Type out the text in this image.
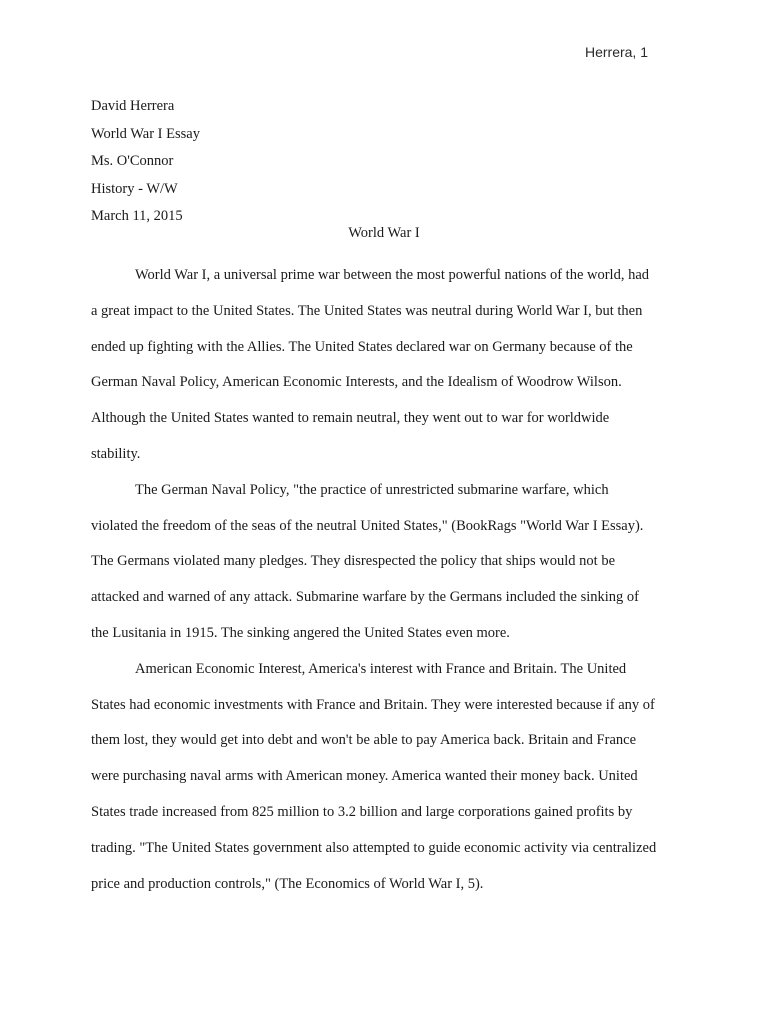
Herrera, 1
David Herrera
World War I Essay
Ms. O'Connor
History - W/W
March 11, 2015
World War I

World War I, a universal prime war between the most powerful nations of the world, had
a great impact to the United States. The United States was neutral during World War I, but then
ended up fighting with the Allies. The United States declared war on Germany because of the
German Naval Policy, American Economic Interests, and the Idealism of Woodrow Wilson.
Although the United States wanted to remain neutral, they went out to war for worldwide
stability.

The German Naval Policy, "the practice of unrestricted submarine warfare, which
violated the freedom of the seas of the neutral United States," (BookRags "World War I Essay).
The Germans violated many pledges. They disrespected the policy that ships would not be
attacked and warned of any attack. Submarine warfare by the Germans included the sinking of
the Lusitania in 1915. The sinking angered the United States even more.

American Economic Interest, America's interest with France and Britain. The United
States had economic investments with France and Britain. They were interested because if any of
them lost, they would get into debt and won't be able to pay America back. Britain and France
were purchasing naval arms with American money. America wanted their money back. United
States trade increased from 825 million to 3.2 billion and large corporations gained profits by
trading. "The United States government also attempted to guide economic activity via centralized
price and production controls," (The Economics of World War I, 5).
